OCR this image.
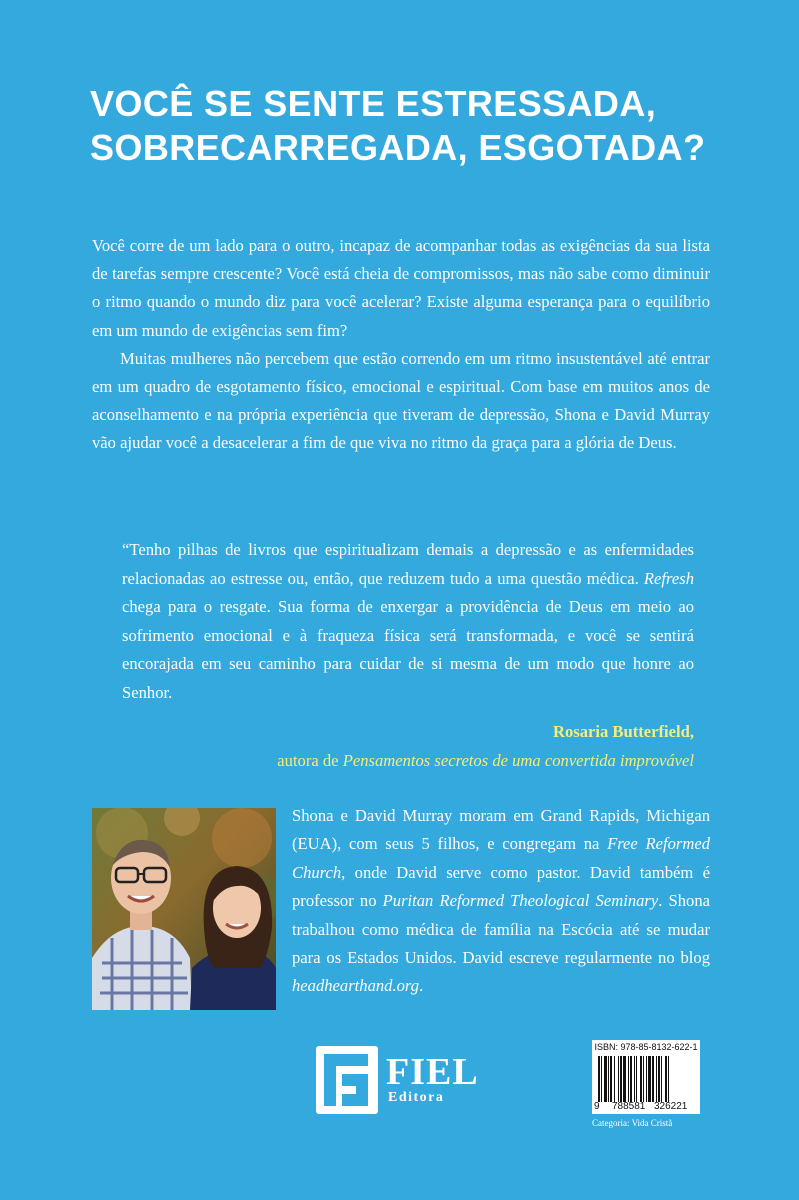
VOCÊ SE SENTE ESTRESSADA,
SOBRECARREGADA, ESGOTADA?

Você corre de um lado para o outro, incapaz de acompanhar todas as exigências da sua lista de tarefas sempre crescente? Você está cheia de compromissos, mas não sabe como diminuir o ritmo quando o mundo diz para você acelerar? Existe alguma esperança para o equilíbrio em um mundo de exigências sem fim?

Muitas mulheres não percebem que estão correndo em um ritmo insustentável até entrar em um quadro de esgotamento físico, emocional e espiritual. Com base em muitos anos de aconselhamento e na própria experiência que tiveram de depressão, Shona e David Murray vão ajudar você a desacelerar a fim de que viva no ritmo da graça para a glória de Deus.

“Tenho pilhas de livros que espiritualizam demais a depressão e as enfermidades relacionadas ao estresse ou, então, que reduzem tudo a uma questão médica. Refresh chega para o resgate. Sua forma de enxergar a providência de Deus em meio ao sofrimento emocional e à fraqueza física será transformada, e você se sentirá encorajada em seu caminho para cuidar de si mesma de um modo que honre ao Senhor.

Rosaria Butterfield,
autora de Pensamentos secretos de uma convertida improvável

Shona e David Murray moram em Grand Rapids, Michigan (EUA), com seus 5 filhos, e congregam na Free Reformed Church, onde David serve como pastor. David também é professor no Puritan Reformed Theological Seminary. Shona trabalhou como médica de família na Escócia até se mudar para os Estados Unidos. David escreve regularmente no blog headhearthand.org.

FIEL
Editora
ISBN: 978-85-8132-622-1
9 788581 326221
Categoria: Vida Cristã
